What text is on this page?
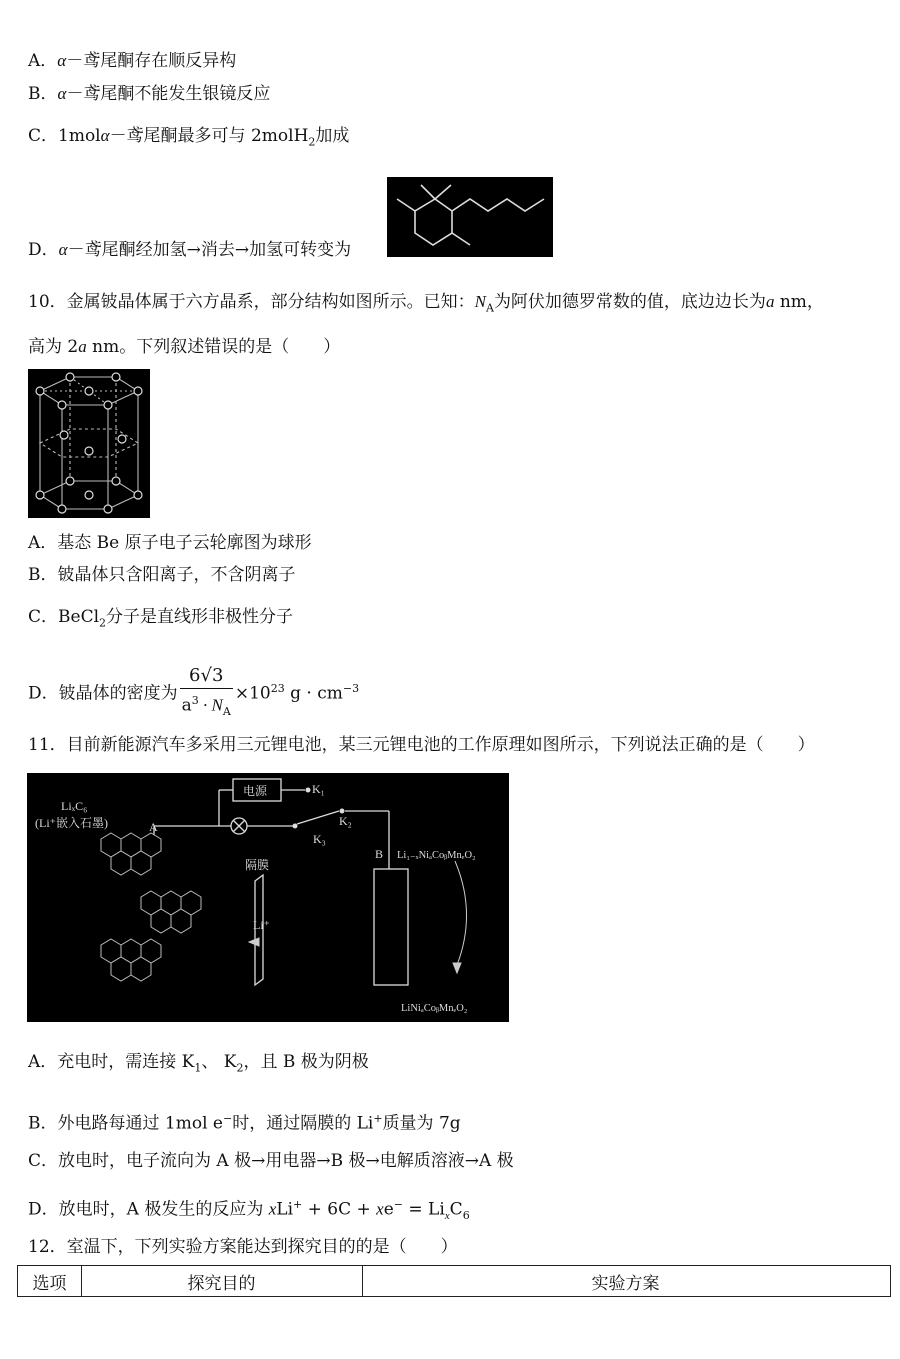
A．α－鸢尾酮存在顺反异构
B．α－鸢尾酮不能发生银镜反应
C．1molα－鸢尾酮最多可与 2molH$_2$加成
D．α－鸢尾酮经加氢→消去→加氢可转变为
10．金属铍晶体属于六方晶系，部分结构如图所示。已知：$N_A$为阿伏加德罗常数的值，底边边长为a nm，
高为 2a nm。下列叙述错误的是（　　）
A．基态 Be 原子电子云轮廓图为球形
B．铍晶体只含阳离子，不含阴离子
C．BeCl$_2$分子是直线形非极性分子
D．铍晶体的密度为 $\frac{6√3}{a^3 \cdot N_A} \times 10^{23}$ $g \cdot cm^{-3}$
11．目前新能源汽车多采用三元锂电池，某三元锂电池的工作原理如图所示，下列说法正确的是（　　）
电源	K₁
K₂
K₃
LiₓC₆
(Li⁺嵌入石墨)	A
隔膜
Li⁺
B Li₁₋ₓNiₐCoᵦMnₑO₂
LiNiₐCoᵦMnₑO₂
A．充电时，需连接 $K_1$、 $K_2$，且 B 极为阴极
B．外电路每通过 1mol e−时，通过隔膜的 Li+质量为 7g
C．放电时，电子流向为 A 极→用电器→B 极→电解质溶液→A 极
D．放电时，A 极发生的反应为 $xLi^+ + 6C + xe^- = Li_xC_6$
12．室温下，下列实验方案能达到探究目的的是（　　）
选项	探究目的	实验方案
